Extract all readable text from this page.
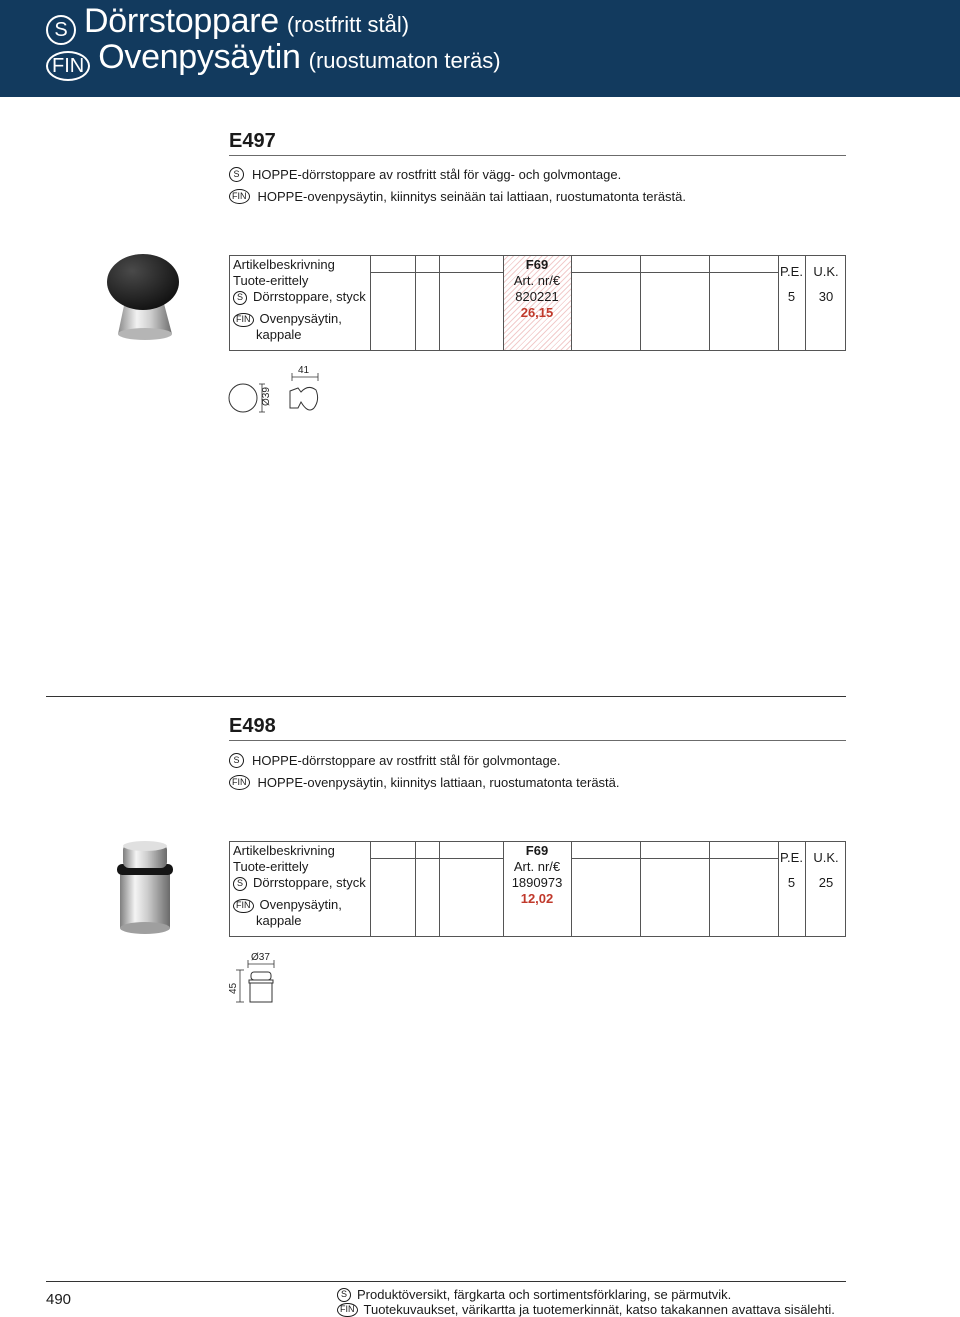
S Dörrstoppare (rostfritt stål)
FIN Ovenpysäytin (ruostumaton teräs)
E497
S HOPPE-dörrstoppare av rostfritt stål för vägg- och golvmontage.
FIN HOPPE-ovenpysäytin, kiinnitys seinään tai lattiaan, ruostumatonta terästä.
Artikelbeskrivning
Tuote-erittely
S Dörrstoppare, styck
FIN Ovenpysäytin,
kappale
F69
Art. nr/€
820221
26,15
P.E. U.K.
5	30
Ø39
41
E498
S HOPPE-dörrstoppare av rostfritt stål för golvmontage.
FIN HOPPE-ovenpysäytin, kiinnitys lattiaan, ruostumatonta terästä.
Artikelbeskrivning
Tuote-erittely
S Dörrstoppare, styck
FIN Ovenpysäytin,
kappale
F69
Art. nr/€
1890973
12,02
P.E. U.K.
5	25
Ø37
45
490	S Produktöversikt, färgkarta och sortimentsförklaring, se pärmutvik.
FIN Tuotekuvaukset, värikartta ja tuotemerkinnät, katso takakannen avattava sisälehti.
